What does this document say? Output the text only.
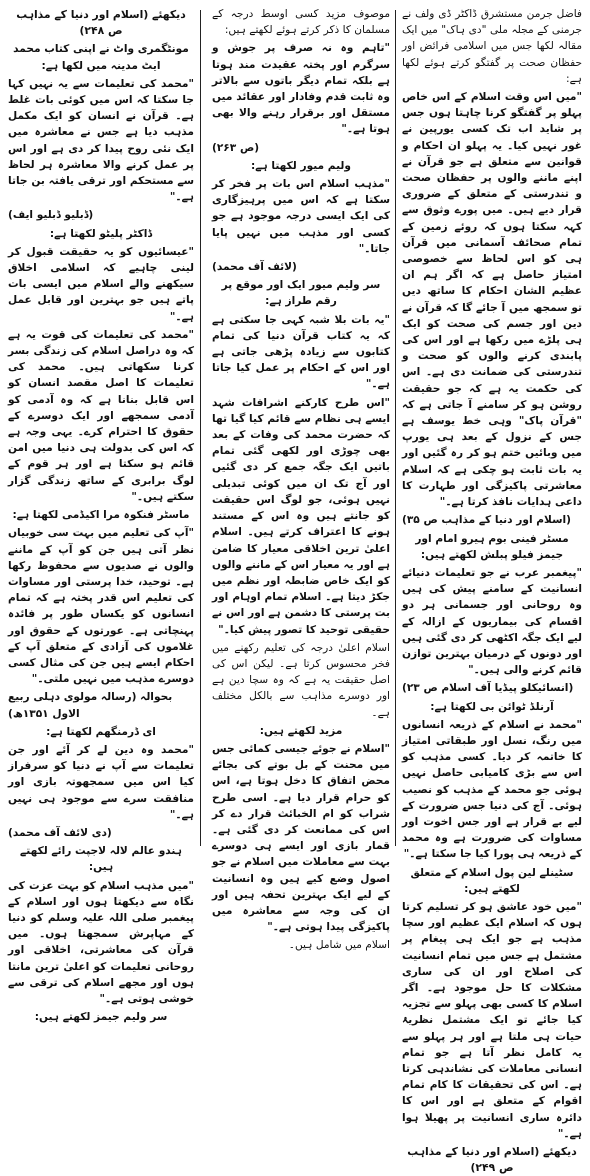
فاضل جرمن مستشرق ڈاکٹر ڈی ولف نے جرمنی کے مجلہ ملی "دی ہاک" میں ایک مقالہ لکھا جس میں اسلامی فرائض اور حفظان صحت پر گفتگو کرتے ہوئے لکھا ہے:

"میں اس وقت اسلام کے اس خاص پہلو پر گفتگو کرنا چاہتا ہوں جس پر شاید اب تک کسی یورپین نے غور نہیں کیا۔ یہ پہلو ان احکام و قوانین سے متعلق ہے جو قرآن نے اپنے ماننے والوں پر حفظان صحت و تندرستی کے متعلق کے ضروری قرار دیے ہیں۔ میں پورے وثوق سے کہہ سکتا ہوں کہ روئے زمین کے تمام صحائف آسمانی میں قرآن ہی کو اس لحاظ سے خصوصی امتیاز حاصل ہے کہ اگر ہم ان عظیم الشان احکام کا ساتھ دیں تو سمجھ میں آ جائے گا کہ قرآن نے دین اور جسم کی صحت کو ایک ہی پلڑے میں رکھا ہے اور اس کی پابندی کرنے والوں کو صحت و تندرستی کی ضمانت دی ہے۔ اس کی حکمت یہ ہے کہ جو حقیقت روشن ہو کر سامنے آ جاتی ہے کہ "قرآن پاک" وہی خط یوسف ہے جس کے نزول کے بعد ہی یورپ میں وبائیں ختم ہو کر رہ گئیں اور یہ بات ثابت ہو چکی ہے کہ اسلام معاشرتی پاکیزگی اور طہارت کا داعی ہدایات نافذ کرتا ہے۔"

(اسلام اور دنیا کے مذاہب ص ۳۵)

مسٹر فینی بوم ہیرو امام اور جیمز فیلو پبلش لکھتے ہیں:

"پیغمبر عرب نے جو تعلیمات دنیائے انسانیت کے سامنے پیش کی ہیں وہ روحانی اور جسمانی ہر دو اقسام کی بیماریوں کے ازالہ کے لیے ایک جگہ اکٹھی کر دی گئی ہیں اور دونوں کے درمیان بہترین توازن قائم کرنے والی ہیں۔"

(انسائیکلو پیڈیا آف اسلام ص ۲۳)

آرنلڈ ٹوائن بی لکھتا ہے:

"محمد نے اسلام کے ذریعہ انسانوں میں رنگ، نسل اور طبقاتی امتیاز کا خاتمہ کر دیا۔ کسی مذہب کو اس سے بڑی کامیابی حاصل نہیں ہوئی جو محمد کے مذہب کو نصیب ہوئی۔ آج کی دنیا جس ضرورت کے لیے بے قرار ہے اور جس اخوت اور مساوات کی ضرورت ہے وہ محمد کے ذریعہ ہی پورا کیا جا سکتا ہے۔"

سٹینلے لین پول اسلام کے متعلق لکھتے ہیں:

"میں خود عاشق ہو کر تسلیم کرتا ہوں کہ اسلام ایک عظیم اور سچا مذہب ہے جو ایک ہی پیغام پر مشتمل ہے جس میں تمام انسانیت کی اصلاح اور ان کی ساری مشکلات کا حل موجود ہے۔ اگر اسلام کا کسی بھی پہلو سے تجزیہ کیا جائے تو ایک مشتمل نظریۂ حیات ہی ملتا ہے اور ہر پہلو سے یہ کامل نظر آتا ہے جو تمام انسانی معاملات کی نشاندہی کرتا ہے۔ اس کی تحقیقات کا کام تمام اقوام کے متعلق ہے اور اس کا دائرہ ساری انسانیت پر پھیلا ہوا ہے۔"

دیکھئے (اسلام اور دنیا کے مذاہب ص ۲۴۹)

موصوف مزید کسی اوسط درجہ کے مسلمان کا ذکر کرتے ہوئے لکھتے ہیں:

"تاہم وہ نہ صرف پر جوش و سرگرم اور پختہ عقیدت مند ہوتا ہے بلکہ تمام دیگر باتوں سے بالاتر وہ ثابت قدم وفادار اور عقائد میں مستقل اور برقرار رہنے والا بھی ہوتا ہے۔"

(ص ۲۶۳)

ولیم میور لکھتا ہے:

"مذہب اسلام اس بات پر فخر کر سکتا ہے کہ اس میں پرہیزگاری کی ایک ایسی درجہ موجود ہے جو کسی اور مذہب میں نہیں پایا جاتا۔"

(لائف آف محمد)

سر ولیم میور ایک اور موقع پر رقم طراز ہے:

"یہ بات بلا شبہ کہی جا سکتی ہے کہ یہ کتاب قرآن دنیا کی تمام کتابوں سے زیادہ پڑھی جاتی ہے اور اس کے احکام پر عمل کیا جاتا ہے۔"

"اس طرح کارکنے اشرافات شہد ایسے ہی نظام سے قائم کیا گیا تھا کہ حضرت محمد کی وفات کے بعد بھی چوڑی اور لکھی گئی تمام باتیں ایک جگہ جمع کر دی گئیں اور آج تک ان میں کوئی تبدیلی نہیں ہوئی، جو لوگ اس حقیقت کو جانتے ہیں وہ اس کے مستند ہونے کا اعتراف کرتے ہیں۔ اسلام اعلیٰ ترین اخلاقی معیار کا ضامن ہے اور یہ معیار اس کے ماننے والوں کو ایک خاص ضابطہ اور نظم میں جکڑ دیتا ہے۔ اسلام تمام اوہام اور بت پرستی کا دشمن ہے اور اس نے حقیقی توحید کا تصور پیش کیا۔"

اسلام اعلیٰ درجہ کی تعلیم رکھنے میں فخر محسوس کرتا ہے۔ لیکن اس کی اصل حقیقت یہ ہے کہ وہ سچا دین ہے اور دوسرے مذاہب سے بالکل مختلف ہے۔

مزید لکھتے ہیں:

"اسلام نے جوئے جیسی کمائی جس میں محنت کے بل بوتے کی بجائے محض اتفاق کا دخل ہوتا ہے، اس کو حرام قرار دیا ہے۔ اسی طرح شراب کو ام الخبائث قرار دے کر اس کی ممانعت کر دی گئی ہے۔ قمار بازی اور ایسے ہی دوسرے بہت سے معاملات میں اسلام نے جو اصول وضع کیے ہیں وہ انسانیت کے لیے ایک بہترین تحفہ ہیں اور ان کی وجہ سے معاشرہ میں پاکیزگی پیدا ہوتی ہے۔"

اسلام میں شامل ہیں۔

دیکھئے (اسلام اور دنیا کے مذاہب ص ۲۴۸)

مونٹگمری واٹ نے اپنی کتاب محمد ایٹ مدینہ میں لکھا ہے:

"محمد کی تعلیمات سے یہ نہیں کہا جا سکتا کہ اس میں کوئی بات غلط ہے۔ قرآن نے انسان کو ایک مکمل مذہب دیا ہے جس نے معاشرہ میں ایک نئی روح پیدا کر دی ہے اور اس پر عمل کرنے والا معاشرہ ہر لحاظ سے مستحکم اور ترقی یافتہ بن جاتا ہے۔"

(ڈبلیو ڈبلیو ایف)

ڈاکٹر پلیٹو لکھتا ہے:

"عیسائیوں کو یہ حقیقت قبول کر لینی چاہیے کہ اسلامی اخلاق سیکھنے والے اسلام میں ایسی بات پاتے ہیں جو بہترین اور قابل عمل ہے۔"

"محمد کی تعلیمات کی قوت یہ ہے کہ وہ دراصل اسلام کی زندگی بسر کرنا سکھاتی ہیں۔ محمد کی تعلیمات کا اصل مقصد انسان کو اس قابل بنانا ہے کہ وہ آدمی کو آدمی سمجھے اور ایک دوسرے کے حقوق کا احترام کرے۔ یہی وجہ ہے کہ اس کی بدولت ہی دنیا میں امن قائم ہو سکتا ہے اور ہر قوم کے لوگ برابری کے ساتھ زندگی گزار سکتے ہیں۔"

ماسٹر فنکوہ مرا اکیڈمی لکھتا ہے:

"آپ کی تعلیم میں بہت سی خوبیاں نظر آتی ہیں جن کو آپ کے ماننے والوں نے صدیوں سے محفوظ رکھا ہے۔ توحید، خدا پرستی اور مساوات کی تعلیم اس قدر پختہ ہے کہ تمام انسانوں کو یکساں طور پر فائدہ پہنچاتی ہے۔ عورتوں کے حقوق اور غلاموں کی آزادی کے متعلق آپ کے احکام ایسے ہیں جن کی مثال کسی دوسرے مذہب میں نہیں ملتی۔"

بحوالہ (رسالہ مولوی دہلی ربیع الاول ۱۳۵۱ھ)

ای ڈرمنگھم لکھتا ہے:

"محمد وہ دین لے کر آئے اور جن تعلیمات سے آپ نے دنیا کو سرفراز کیا اس میں سمجھوتہ بازی اور منافقت سرے سے موجود ہی نہیں ہے۔"

(دی لائف آف محمد)

ہندو عالم لالہ لاجپت رائے لکھتے ہیں:

"میں مذہب اسلام کو بہت عزت کی نگاہ سے دیکھتا ہوں اور اسلام کے پیغمبر صلی اللہ علیہ وسلم کو دنیا کے مہاپرش سمجھتا ہوں۔ میں قرآن کی معاشرتی، اخلاقی اور روحانی تعلیمات کو اعلیٰ ترین مانتا ہوں اور مجھے اسلام کی ترقی سے خوشی ہوتی ہے۔"

سر ولیم جیمز لکھتے ہیں:
